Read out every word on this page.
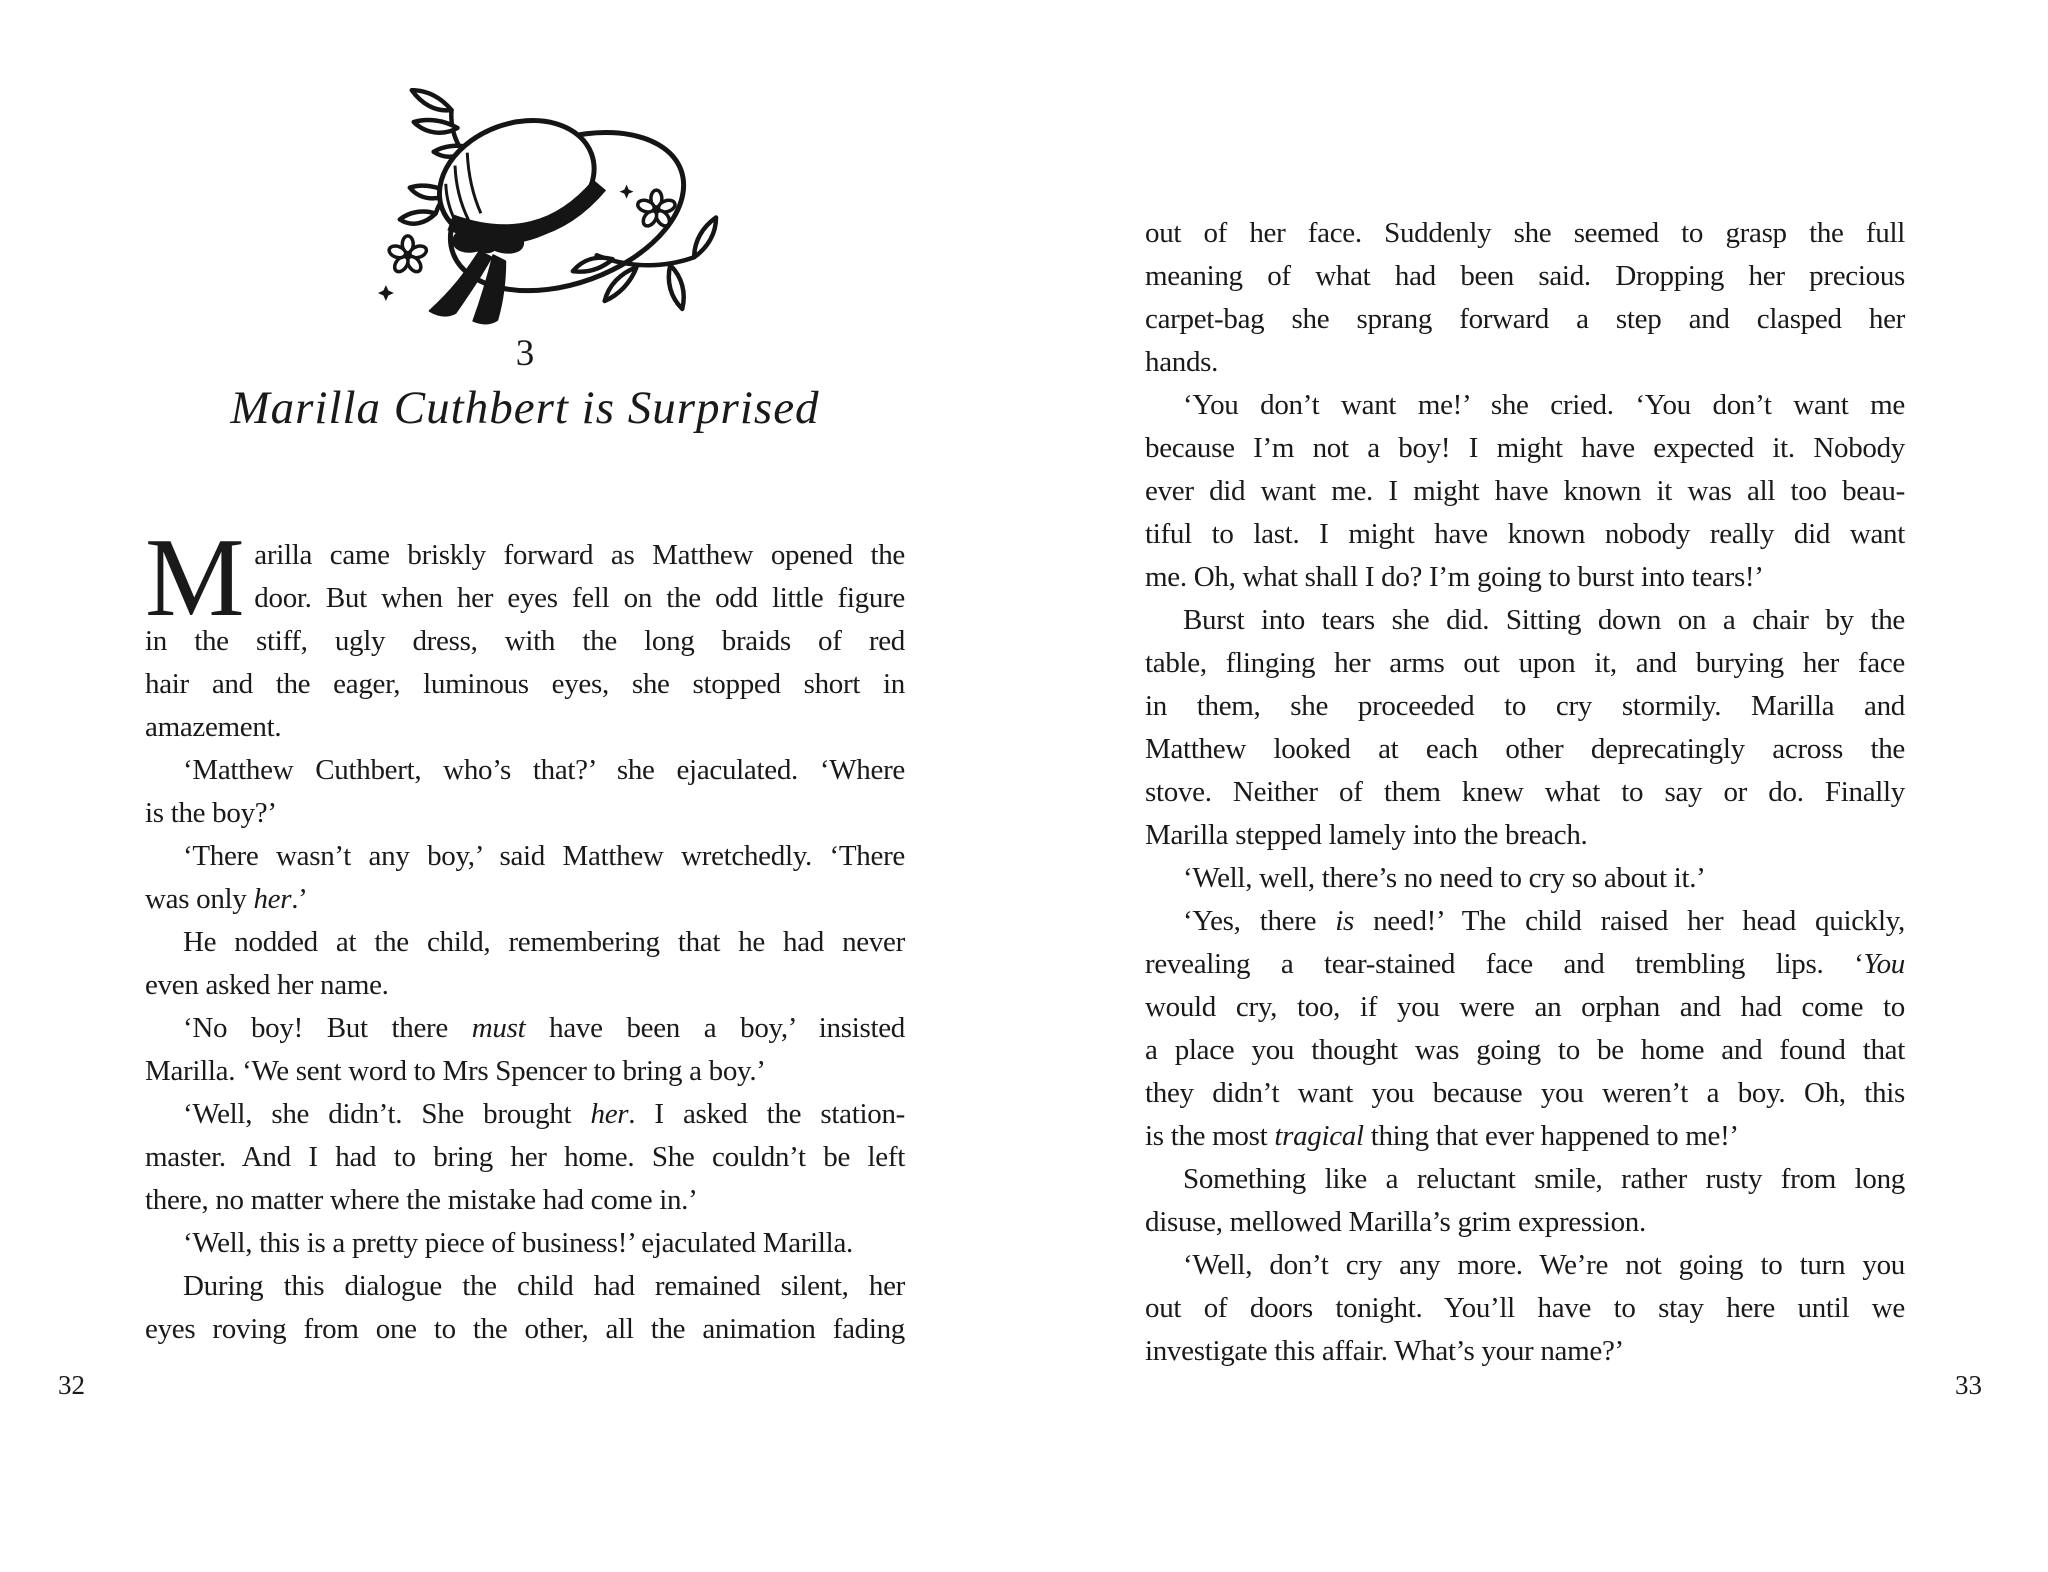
3
Marilla Cuthbert is Surprised
M arilla came briskly forward as Matthew opened the
door. But when her eyes fell on the odd little figure
in the stiff, ugly dress, with the long braids of red
hair and the eager, luminous eyes, she stopped short in
amazement.
‘Matthew Cuthbert, who’s that?’ she ejaculated. ‘Where
is the boy?’
‘There wasn’t any boy,’ said Matthew wretchedly. ‘There
was only her.’
He nodded at the child, remembering that he had never
even asked her name.
‘No boy! But there must have been a boy,’ insisted
Marilla. ‘We sent word to Mrs Spencer to bring a boy.’
‘Well, she didn’t. She brought her. I asked the station-
master. And I had to bring her home. She couldn’t be left
there, no matter where the mistake had come in.’
‘Well, this is a pretty piece of business!’ ejaculated Marilla.
During this dialogue the child had remained silent, her
eyes roving from one to the other, all the animation fading
32
out of her face. Suddenly she seemed to grasp the full
meaning of what had been said. Dropping her precious
carpet-bag she sprang forward a step and clasped her
hands.
‘You don’t want me!’ she cried. ‘You don’t want me
because I’m not a boy! I might have expected it. Nobody
ever did want me. I might have known it was all too beau-
tiful to last. I might have known nobody really did want
me. Oh, what shall I do? I’m going to burst into tears!’
Burst into tears she did. Sitting down on a chair by the
table, flinging her arms out upon it, and burying her face
in them, she proceeded to cry stormily. Marilla and
Matthew looked at each other deprecatingly across the
stove. Neither of them knew what to say or do. Finally
Marilla stepped lamely into the breach.
‘Well, well, there’s no need to cry so about it.’
‘Yes, there is need!’ The child raised her head quickly,
revealing a tear-stained face and trembling lips. ‘You
would cry, too, if you were an orphan and had come to
a place you thought was going to be home and found that
they didn’t want you because you weren’t a boy. Oh, this
is the most tragical thing that ever happened to me!’
Something like a reluctant smile, rather rusty from long
disuse, mellowed Marilla’s grim expression.
‘Well, don’t cry any more. We’re not going to turn you
out of doors tonight. You’ll have to stay here until we
investigate this affair. What’s your name?’
33
